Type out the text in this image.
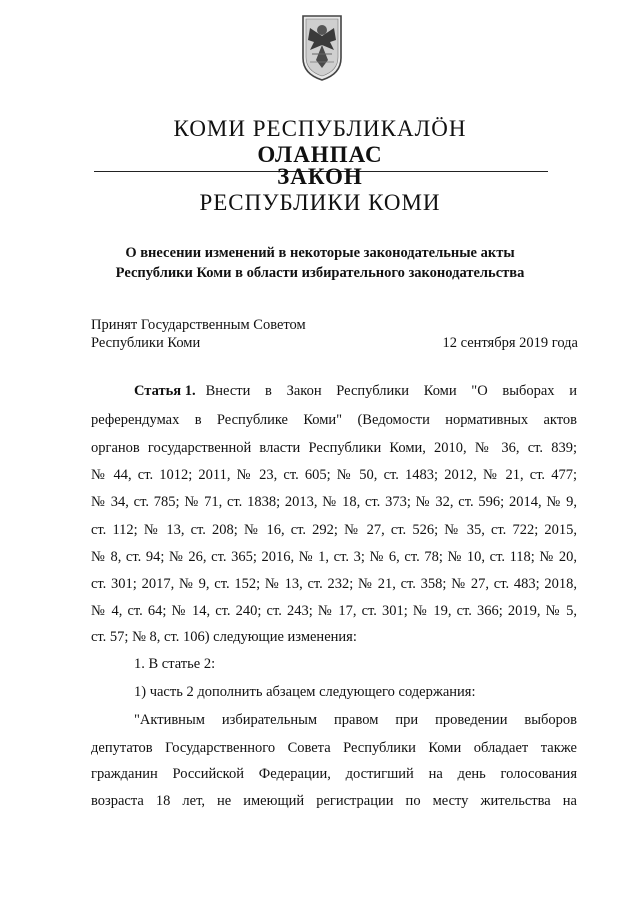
КОМИ РЕСПУБЛИКАЛӦН
ОЛАНПАС
ЗАКОН
РЕСПУБЛИКИ КОМИ
О внесении изменений в некоторые законодательные акты
Республики Коми в области избирательного законодательства
Принят Государственным Советом
Республики Коми	12 сентября 2019 года
Статья 1. Внести в Закон Республики Коми "О выборах и
референдумах в Республике Коми" (Ведомости нормативных актов
органов государственной власти Республики Коми, 2010, № 36, ст. 839;
№ 44, ст. 1012; 2011, № 23, ст. 605; № 50, ст. 1483; 2012, № 21, ст. 477;
№ 34, ст. 785; № 71, ст. 1838; 2013, № 18, ст. 373; № 32, ст. 596; 2014, № 9,
ст. 112; № 13, ст. 208; № 16, ст. 292; № 27, ст. 526; № 35, ст. 722; 2015,
№ 8, ст. 94; № 26, ст. 365; 2016, № 1, ст. 3; № 6, ст. 78; № 10, ст. 118; № 20,
ст. 301; 2017, № 9, ст. 152; № 13, ст. 232; № 21, ст. 358; № 27, ст. 483; 2018,
№ 4, ст. 64; № 14, ст. 240; ст. 243; № 17, ст. 301; № 19, ст. 366; 2019, № 5,
ст. 57; № 8, ст. 106) следующие изменения:
1. В статье 2:
1) часть 2 дополнить абзацем следующего содержания:
"Активным избирательным правом при проведении выборов
депутатов Государственного Совета Республики Коми обладает также
гражданин Российской Федерации, достигший на день голосования
возраста 18 лет, не имеющий регистрации по месту жительства на
